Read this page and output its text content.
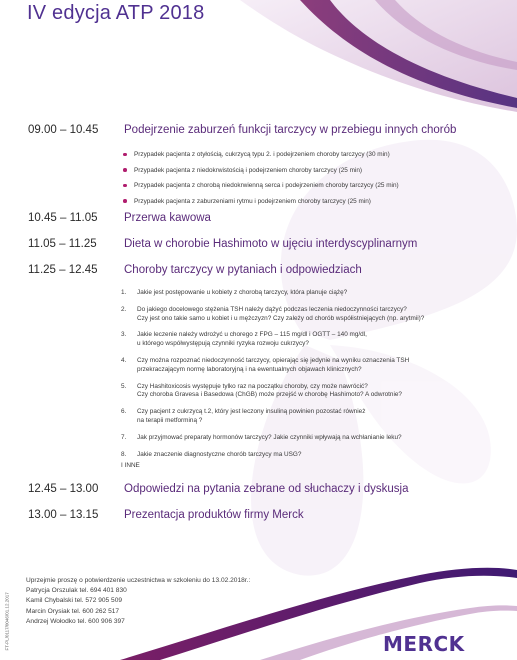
IV edycja ATP 2018
09.00 – 10.45	Podejrzenie zaburzeń funkcji tarczycy w przebiegu innych chorób
Przypadek pacjenta z otyłością, cukrzycą typu 2. i podejrzeniem choroby tarczycy (30 min)
Przypadek pacjenta z niedokrwistością i podejrzeniem choroby tarczycy (25 min)
Przypadek pacjenta z chorobą niedokrwienną serca i podejrzeniem choroby tarczycy (25 min)
Przypadek pacjenta z zaburzeniami rytmu i podejrzeniem choroby tarczycy (25 min)
10.45 – 11.05	Przerwa kawowa
11.05 – 11.25	Dieta w chorobie Hashimoto w ujęciu interdyscyplinarnym
11.25 – 12.45	Choroby tarczycy w pytaniach i odpowiedziach
1. Jakie jest postępowanie u kobiety z chorobą tarczycy, która planuje ciążę?
2. Do jakiego docelowego stężenia TSH należy dążyć podczas leczenia niedoczynności tarczycy?
Czy jest ono takie samo u kobiet i u mężczyzn? Czy zależy od chorób współistniejących (np. arytmii)?
3. Jakie leczenie należy wdrożyć u chorego z FPG – 115 mg/dl i OGTT – 140 mg/dl,
u którego współwystępują czynniki ryzyka rozwoju cukrzycy?
4. Czy można rozpoznać niedoczynność tarczycy, opierając się jedynie na wyniku oznaczenia TSH
przekraczającym normę laboratoryjną i na ewentualnych objawach klinicznych?
5. Czy Hashitoxicosis występuje tylko raz na początku choroby, czy może nawrócić?
Czy choroba Gravesa i Basedowa (ChGB) może przejść w chorobę Hashimoto? A odwrotnie?
6. Czy pacjent z cukrzycą t.2, który jest leczony insuliną powinien pozostać również
na terapii metforminą ?
7. Jak przyjmować preparaty hormonów tarczycy? Jakie czynniki wpływają na wchłanianie leku?
8. Jakie znaczenie diagnostyczne chorób tarczycy ma USG?
I INNE
12.45 – 13.00	Odpowiedzi na pytania zebrane od słuchaczy i dyskusja
13.00 – 13.15	Prezentacja produktów firmy Merck
Uprzejmie proszę o potwierdzenie uczestnictwa w szkoleniu do 13.02.2018r.:
Patrycja Orszulak tel. 694 401 830
Kamil Chybalski tel. 572 905 509
Marcin Orysiak tel. 600 262 517
Andrzej Wołodko tel. 600 906 397
FT-PL/0117/0046/01.12.2017	MERCK
